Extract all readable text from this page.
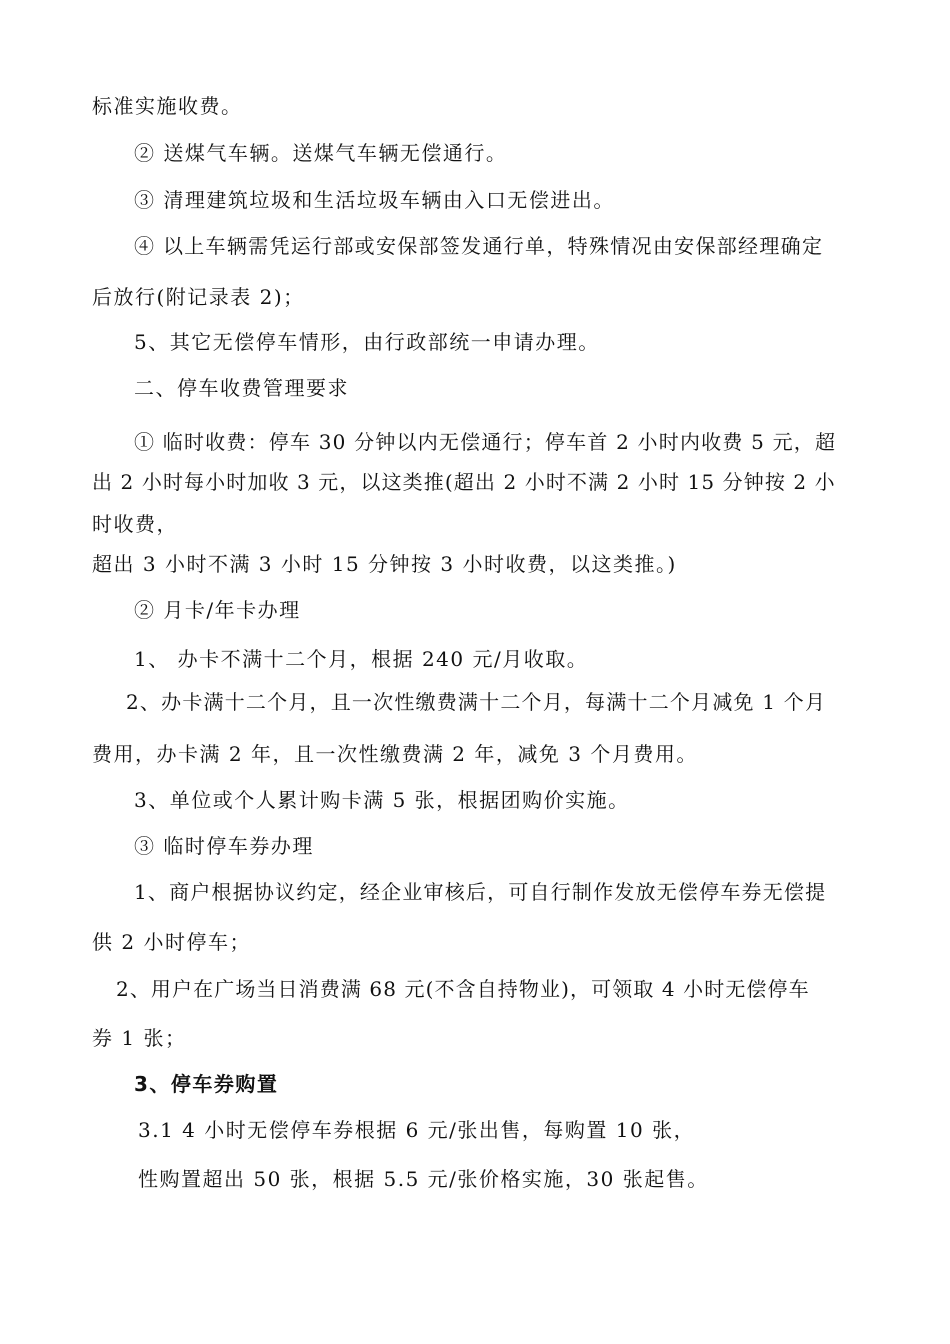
标准实施收费。
② 送煤气车辆。送煤气车辆无偿通行。
③ 清理建筑垃圾和生活垃圾车辆由入口无偿进出。
④ 以上车辆需凭运行部或安保部签发通行单，特殊情况由安保部经理确定
后放行(附记录表 2)；
5、其它无偿停车情形，由行政部统一申请办理。
二、停车收费管理要求
① 临时收费：停车 30 分钟以内无偿通行；停车首 2 小时内收费 5 元，超
出 2 小时每小时加收 3 元，以这类推(超出 2 小时不满 2 小时 15 分钟按 2 小
时收费，
超出 3 小时不满 3 小时 15 分钟按 3 小时收费，以这类推。)
② 月卡/年卡办理
1、 办卡不满十二个月，根据 240 元/月收取。
2、办卡满十二个月，且一次性缴费满十二个月，每满十二个月减免 1 个月
费用，办卡满 2 年，且一次性缴费满 2 年，减免 3 个月费用。
3、单位或个人累计购卡满 5 张，根据团购价实施。
③ 临时停车券办理
1、商户根据协议约定，经企业审核后，可自行制作发放无偿停车券无偿提
供 2 小时停车；
2、用户在广场当日消费满 68 元(不含自持物业)，可领取 4 小时无偿停车
券 1 张；
3、停车券购置
3.1 4 小时无偿停车券根据 6 元/张出售，每购置 10 张，
性购置超出 50 张，根据 5.5 元/张价格实施，30 张起售。
